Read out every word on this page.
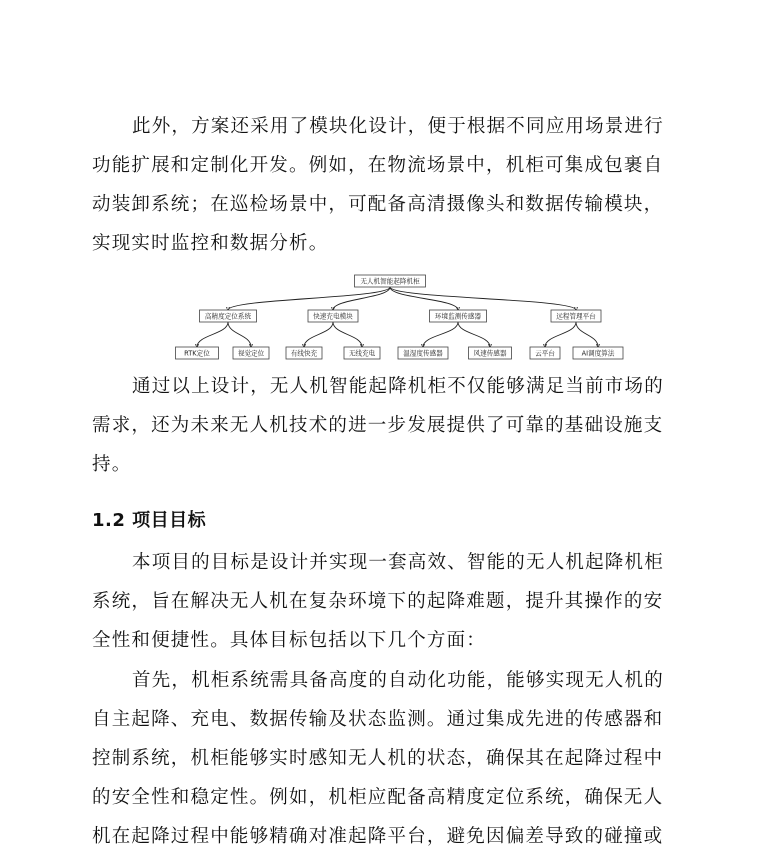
此外，方案还采用了模块化设计，便于根据不同应用场景进行
功能扩展和定制化开发。例如，在物流场景中，机柜可集成包裹自
动装卸系统；在巡检场景中，可配备高清摄像头和数据传输模块，
实现实时监控和数据分析。
无人机智能起降机柜
高精度定位系统
RTK定位	视觉定位
快速充电模块
有线快充	无线充电
环境监测传感器
温湿度传感器	风速传感器
远程管理平台
云平台	AI调度算法
通过以上设计，无人机智能起降机柜不仅能够满足当前市场的
需求，还为未来无人机技术的进一步发展提供了可靠的基础设施支
持。
1.2 项目目标
本项目的目标是设计并实现一套高效、智能的无人机起降机柜
系统，旨在解决无人机在复杂环境下的起降难题，提升其操作的安
全性和便捷性。具体目标包括以下几个方面：
首先，机柜系统需具备高度的自动化功能，能够实现无人机的
自主起降、充电、数据传输及状态监测。通过集成先进的传感器和
控制系统，机柜能够实时感知无人机的状态，确保其在起降过程中
的安全性和稳定性。例如，机柜应配备高精度定位系统，确保无人
机在起降过程中能够精确对准起降平台，避免因偏差导致的碰撞或
